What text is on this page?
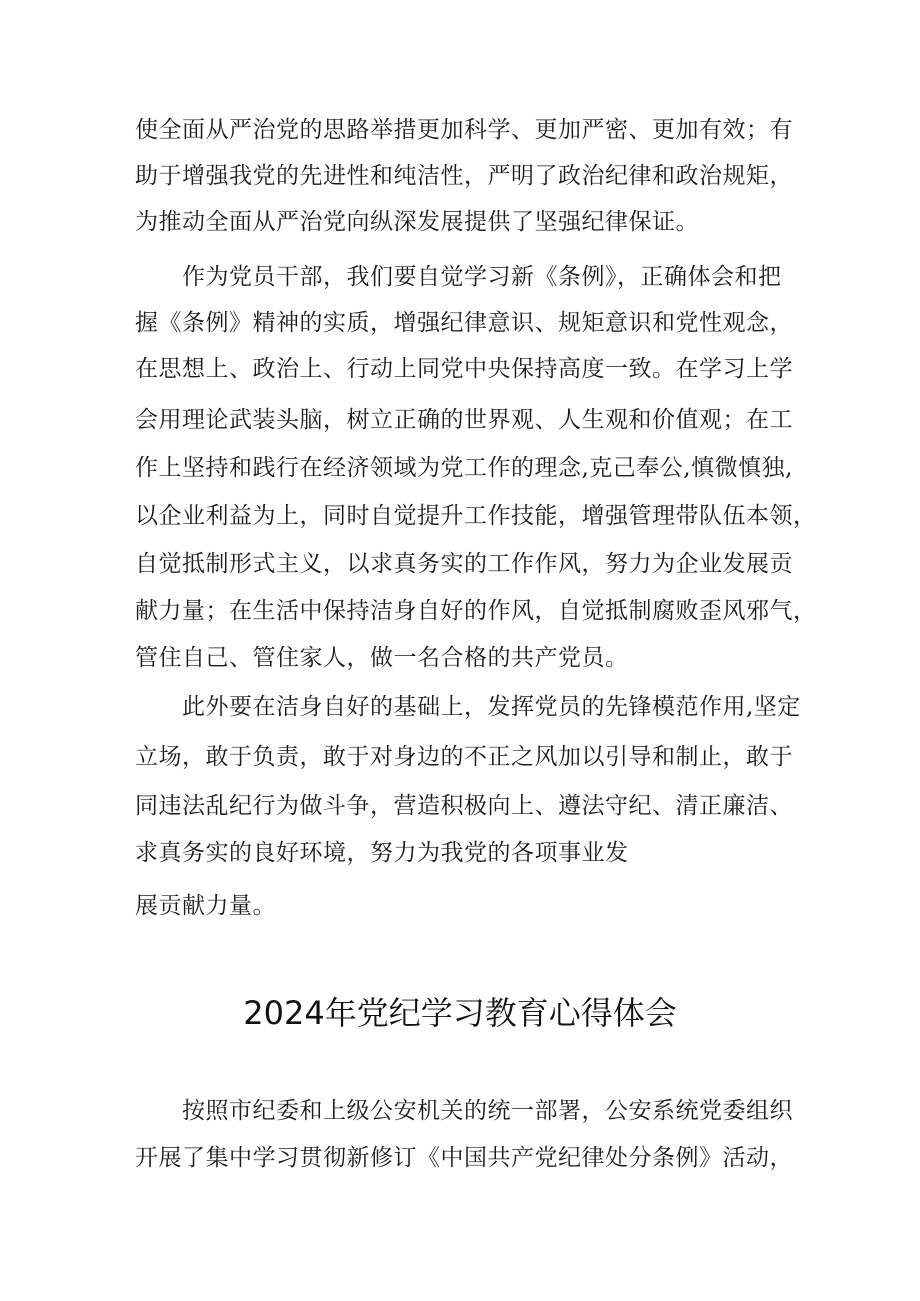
使全面从严治党的思路举措更加科学、更加严密、更加有效；有
助于增强我党的先进性和纯洁性，严明了政治纪律和政治规矩，
为推动全面从严治党向纵深发展提供了坚强纪律保证。
作为党员干部，我们要自觉学习新《条例》，正确体会和把
握《条例》精神的实质，增强纪律意识、规矩意识和党性观念，
在思想上、政治上、行动上同党中央保持高度一致。在学习上学
会用理论武装头脑，树立正确的世界观、人生观和价值观；在工
作上坚持和践行在经济领域为党工作的理念,克己奉公,慎微慎独,
以企业利益为上，同时自觉提升工作技能，增强管理带队伍本领，
自觉抵制形式主义，以求真务实的工作作风，努力为企业发展贡
献力量；在生活中保持洁身自好的作风，自觉抵制腐败歪风邪气，
管住自己、管住家人，做一名合格的共产党员。
此外要在洁身自好的基础上，发挥党员的先锋模范作用,坚定
立场，敢于负责，敢于对身边的不正之风加以引导和制止，敢于
同违法乱纪行为做斗争，营造积极向上、遵法守纪、清正廉洁、
求真务实的良好环境，努力为我党的各项事业发
展贡献力量。
2024年党纪学习教育心得体会
按照市纪委和上级公安机关的统一部署，公安系统党委组织
开展了集中学习贯彻新修订《中国共产党纪律处分条例》活动，
